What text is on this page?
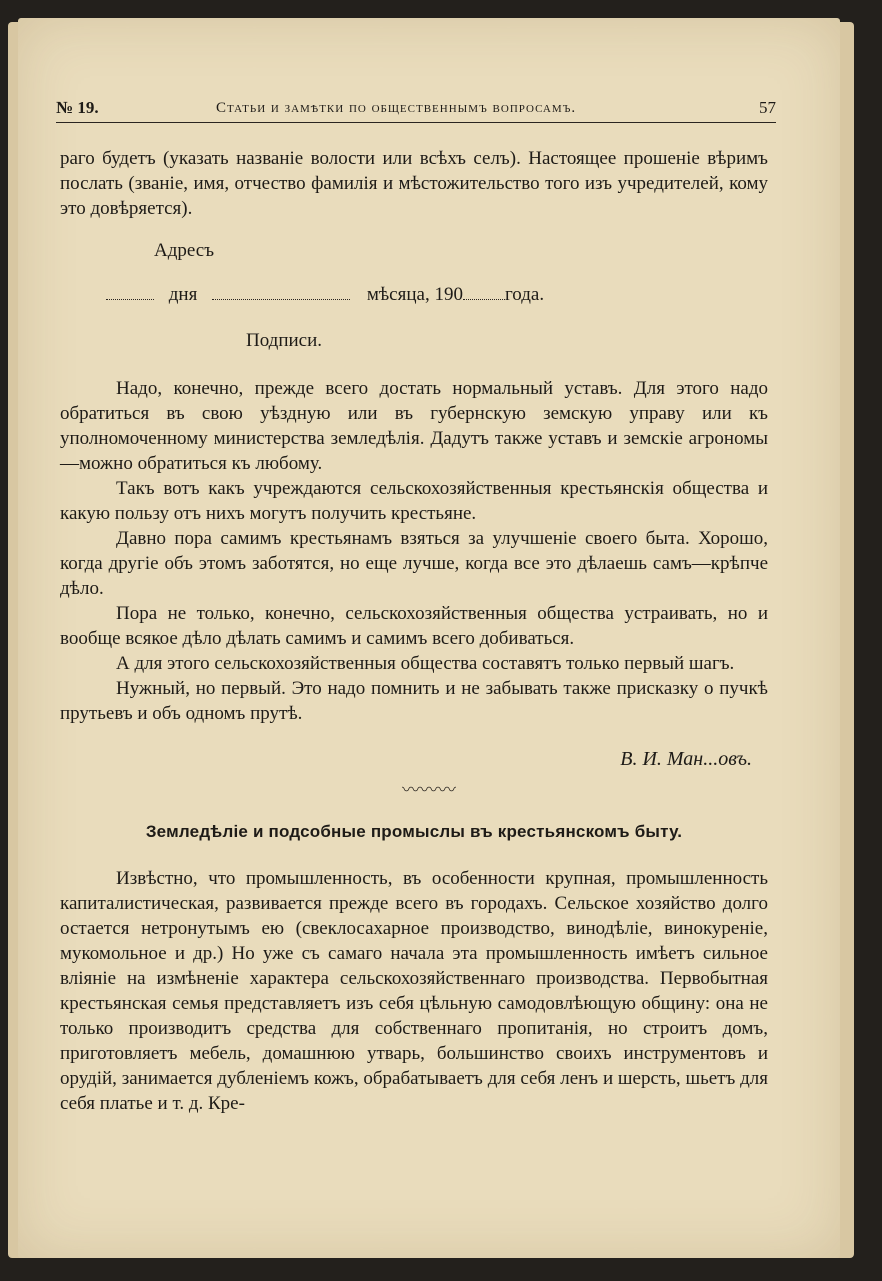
№ 19.	Статьи и замѣтки по общественнымъ вопросамъ.	57

раго будетъ (указать названіе волости или всѣхъ селъ). Настоящее прошеніе вѣримъ послать (званіе, имя, отчество фамилія и мѣстожительство того изъ учредителей, кому это довѣряется).

Адресъ
дня	мѣсяца, 190 года.
Подписи.

Надо, конечно, прежде всего достать нормальный уставъ. Для этого надо обратиться въ свою уѣздную или въ губернскую земскую управу или къ уполномоченному министерства земледѣлія. Дадутъ также уставъ и земскіе агрономы—можно обратиться къ любому.

Такъ вотъ какъ учреждаются сельскохозяйственныя крестьянскія общества и какую пользу отъ нихъ могутъ получить крестьяне.

Давно пора самимъ крестьянамъ взяться за улучшеніе своего быта. Хорошо, когда другіе объ этомъ заботятся, но еще лучше, когда все это дѣлаешь самъ—крѣпче дѣло.

Пора не только, конечно, сельскохозяйственныя общества устраивать, но и вообще всякое дѣло дѣлать самимъ и самимъ всего добиваться.

А для этого сельскохозяйственныя общества составятъ только первый шагъ.

Нужный, но первый. Это надо помнить и не забывать также присказку о пучкѣ прутьевъ и объ одномъ прутѣ.

В. И. Ман...овъ.
〰〰〰
Земледѣліе и подсобные промыслы въ крестьянскомъ быту.

Извѣстно, что промышленность, въ особенности крупная, промышленность капиталистическая, развивается прежде всего въ городахъ. Сельское хозяйство долго остается нетронутымъ ею (свеклосахарное производство, винодѣліе, винокуреніе, мукомольное и др.) Но уже съ самаго начала эта промышленность имѣетъ сильное вліяніе на измѣненіе характера сельскохозяйственнаго производства. Первобытная крестьянская семья представляетъ изъ себя цѣльную самодовлѣющую общину: она не только производитъ средства для собственнаго пропитанія, но строитъ домъ, приготовляетъ мебель, домашнюю утварь, большинство своихъ инструментовъ и орудій, занимается дубленіемъ кожъ, обрабатываетъ для себя ленъ и шерсть, шьетъ для себя платье и т. д. Кре-
